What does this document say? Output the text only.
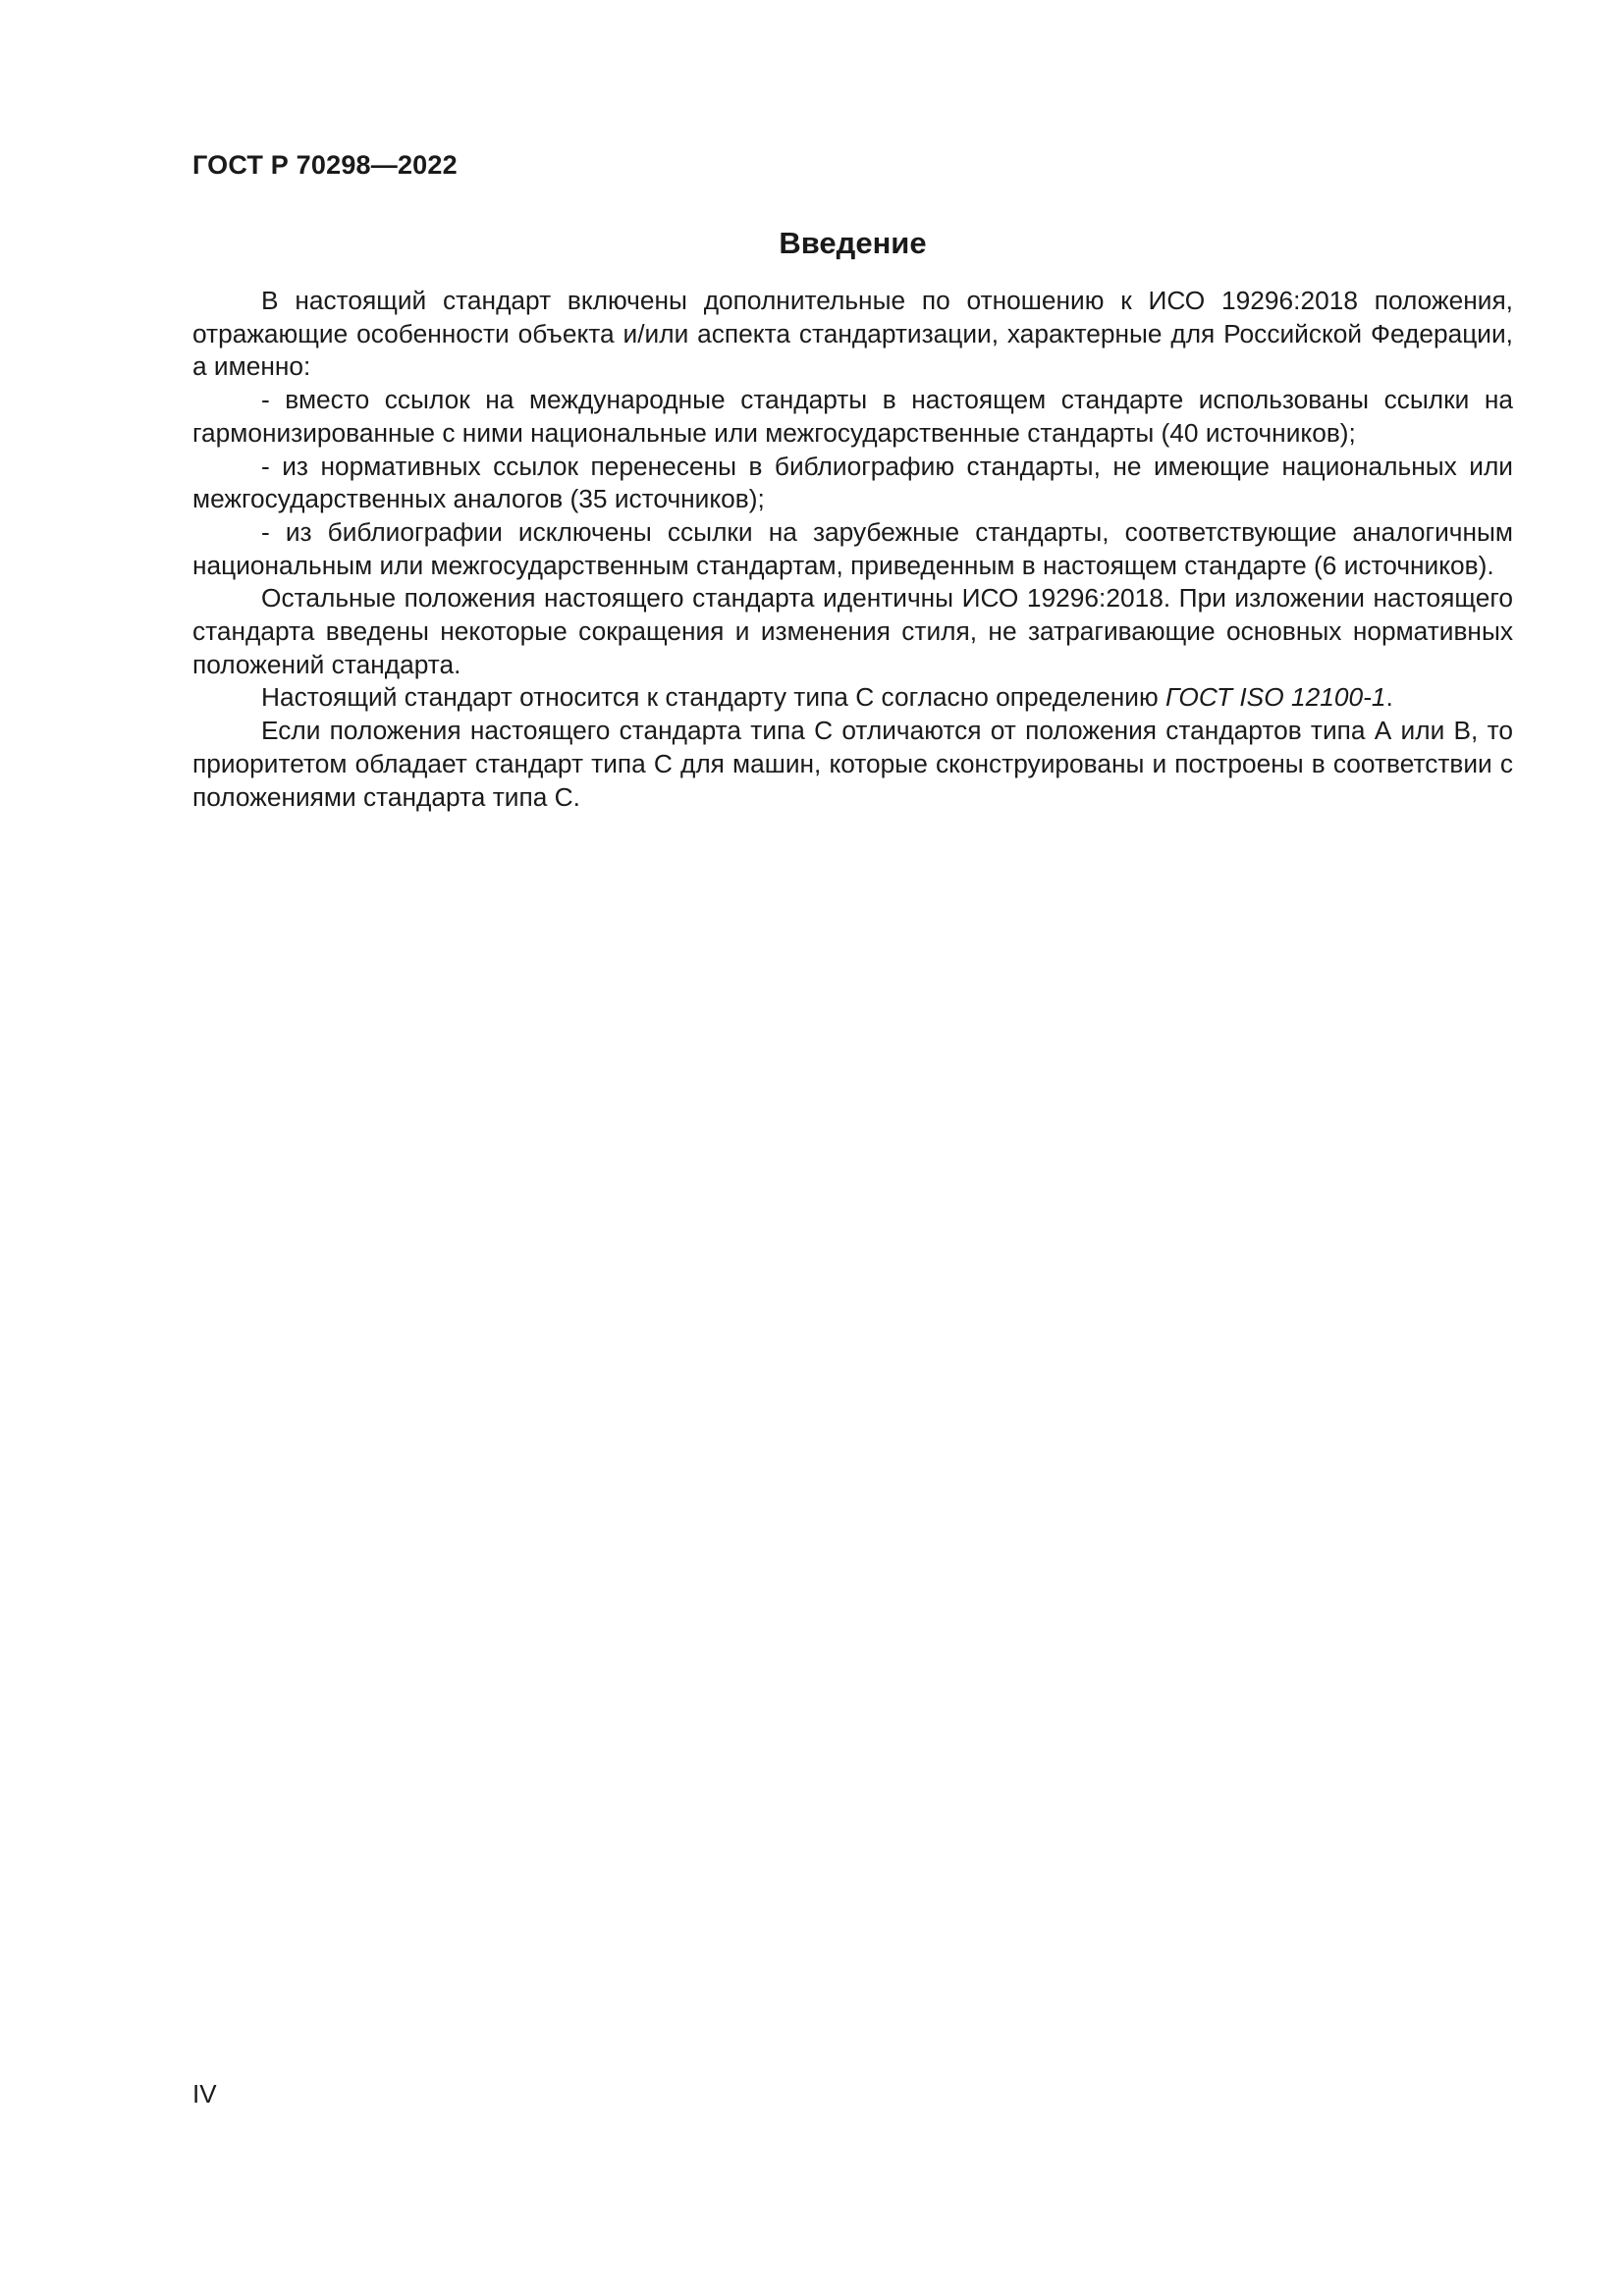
ГОСТ Р 70298—2022
Введение

В настоящий стандарт включены дополнительные по отношению к ИСО 19296:2018 положения, отражающие особенности объекта и/или аспекта стандартизации, характерные для Российской Федерации, а именно:

- вместо ссылок на международные стандарты в настоящем стандарте использованы ссылки на гармонизированные с ними национальные или межгосударственные стандарты (40 источников);

- из нормативных ссылок перенесены в библиографию стандарты, не имеющие национальных или межгосударственных аналогов (35 источников);

- из библиографии исключены ссылки на зарубежные стандарты, соответствующие аналогичным национальным или межгосударственным стандартам, приведенным в настоящем стандарте (6 источников).

Остальные положения настоящего стандарта идентичны ИСО 19296:2018. При изложении настоящего стандарта введены некоторые сокращения и изменения стиля, не затрагивающие основных нормативных положений стандарта.

Настоящий стандарт относится к стандарту типа С согласно определению ГОСТ ISO 12100-1.

Если положения настоящего стандарта типа С отличаются от положения стандартов типа А или В, то приоритетом обладает стандарт типа С для машин, которые сконструированы и построены в соответствии с положениями стандарта типа С.

IV
